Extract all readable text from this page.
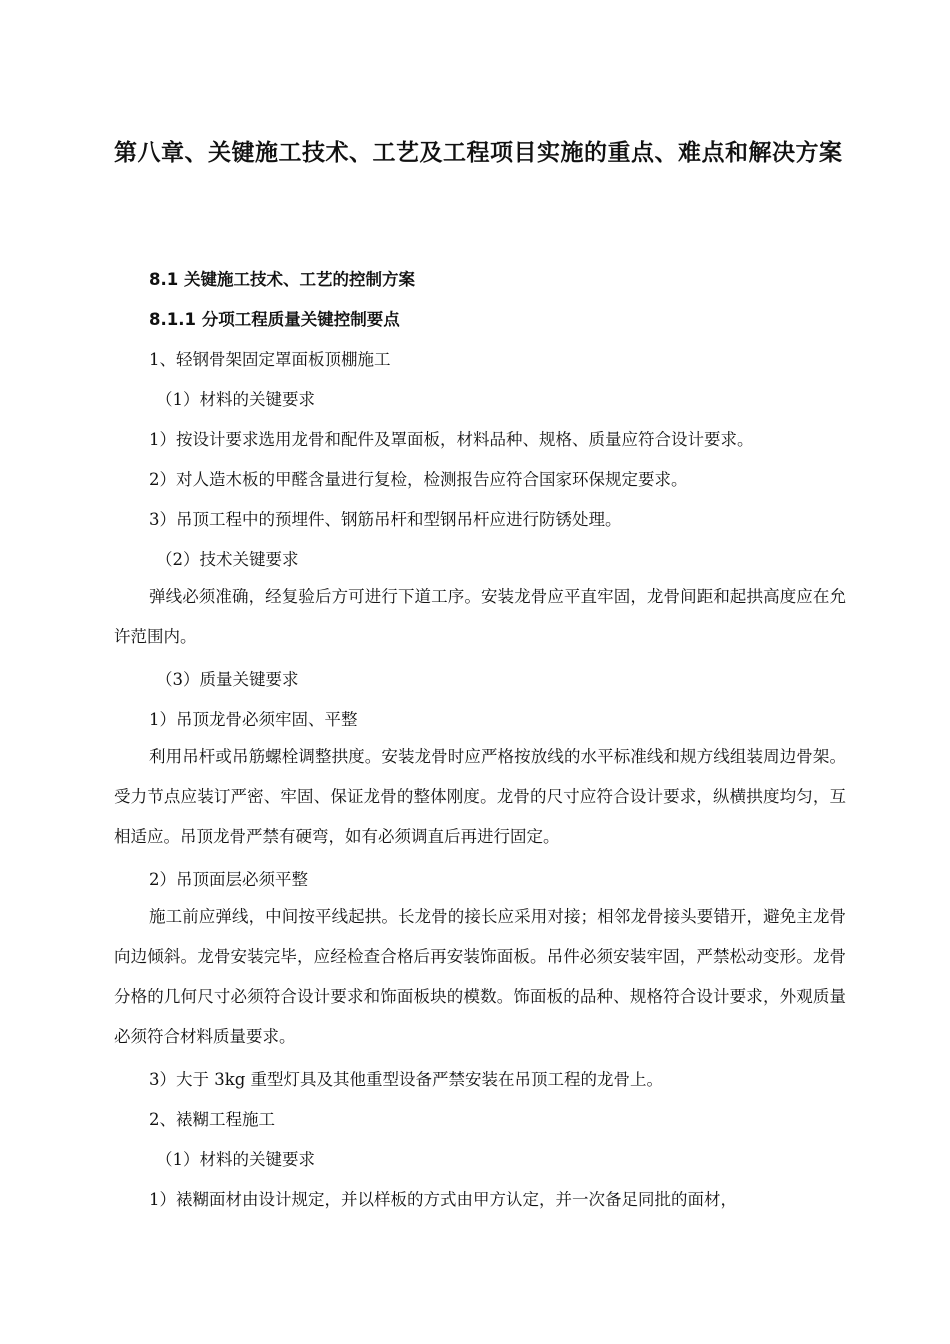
第八章、关键施工技术、工艺及工程项目实施的重点、难点和解决方案
8.1 关键施工技术、工艺的控制方案
8.1.1 分项工程质量关键控制要点
1、轻钢骨架固定罩面板顶棚施工
（1）材料的关键要求
1）按设计要求选用龙骨和配件及罩面板，材料品种、规格、质量应符合设计要求。
2）对人造木板的甲醛含量进行复检，检测报告应符合国家环保规定要求。
3）吊顶工程中的预埋件、钢筋吊杆和型钢吊杆应进行防锈处理。
（2）技术关键要求
弹线必须准确，经复验后方可进行下道工序。安装龙骨应平直牢固，龙骨间距和起拱高度应在允许范围内。
（3）质量关键要求
1）吊顶龙骨必须牢固、平整
利用吊杆或吊筋螺栓调整拱度。安装龙骨时应严格按放线的水平标准线和规方线组装周边骨架。受力节点应装订严密、牢固、保证龙骨的整体刚度。龙骨的尺寸应符合设计要求，纵横拱度均匀，互相适应。吊顶龙骨严禁有硬弯，如有必须调直后再进行固定。
2）吊顶面层必须平整
施工前应弹线，中间按平线起拱。长龙骨的接长应采用对接；相邻龙骨接头要错开，避免主龙骨向边倾斜。龙骨安装完毕，应经检查合格后再安装饰面板。吊件必须安装牢固，严禁松动变形。龙骨分格的几何尺寸必须符合设计要求和饰面板块的模数。饰面板的品种、规格符合设计要求，外观质量必须符合材料质量要求。
3）大于 3kg 重型灯具及其他重型设备严禁安装在吊顶工程的龙骨上。
2、裱糊工程施工
（1）材料的关键要求
1）裱糊面材由设计规定，并以样板的方式由甲方认定，并一次备足同批的面材，
